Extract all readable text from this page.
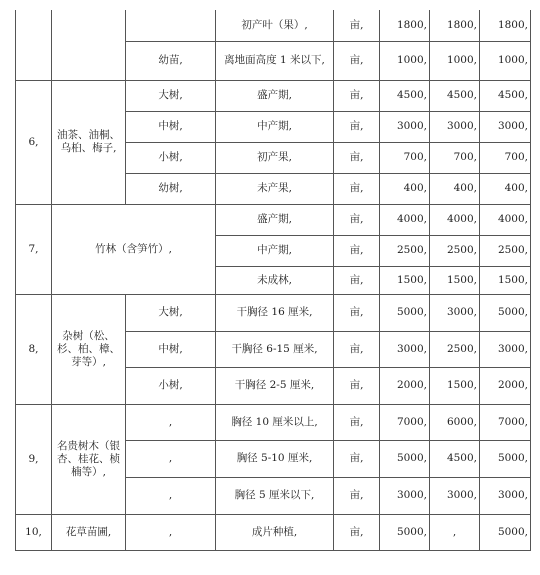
			初产叶（果）,	亩,	1800,	1800,	1800,
		幼苗,	离地面高度 1 米以下,	亩,	1000,	1000,	1000,
6,	油茶、油桐、乌桕、梅子,	大树,	盛产期,	亩,	4500,	4500,	4500,
		中树,	中产期,	亩,	3000,	3000,	3000,
		小树,	初产果,	亩,	700,	700,	700,
		幼树,	未产果,	亩,	400,	400,	400,
7,	竹林（含笋竹）,		盛产期,	亩,	4000,	4000,	4000,
			中产期,	亩,	2500,	2500,	2500,
			未成林,	亩,	1500,	1500,	1500,
8,	杂树（松、杉、柏、樟、芽等）,	大树,	干胸径 16 厘米,	亩,	5000,	3000,	5000,
		中树,	干胸径 6-15 厘米,	亩,	3000,	2500,	3000,
		小树,	干胸径 2-5 厘米,	亩,	2000,	1500,	2000,
9,	名贵树木（银杏、桂花、桢楠等）,	,	胸径 10 厘米以上,	亩,	7000,	6000,	7000,
		,	胸径 5-10 厘米,	亩,	5000,	4500,	5000,
		,	胸径 5 厘米以下,	亩,	3000,	3000,	3000,
10,	花草苗圃,	,	成片种植,	亩,	5000,	,	5000,
